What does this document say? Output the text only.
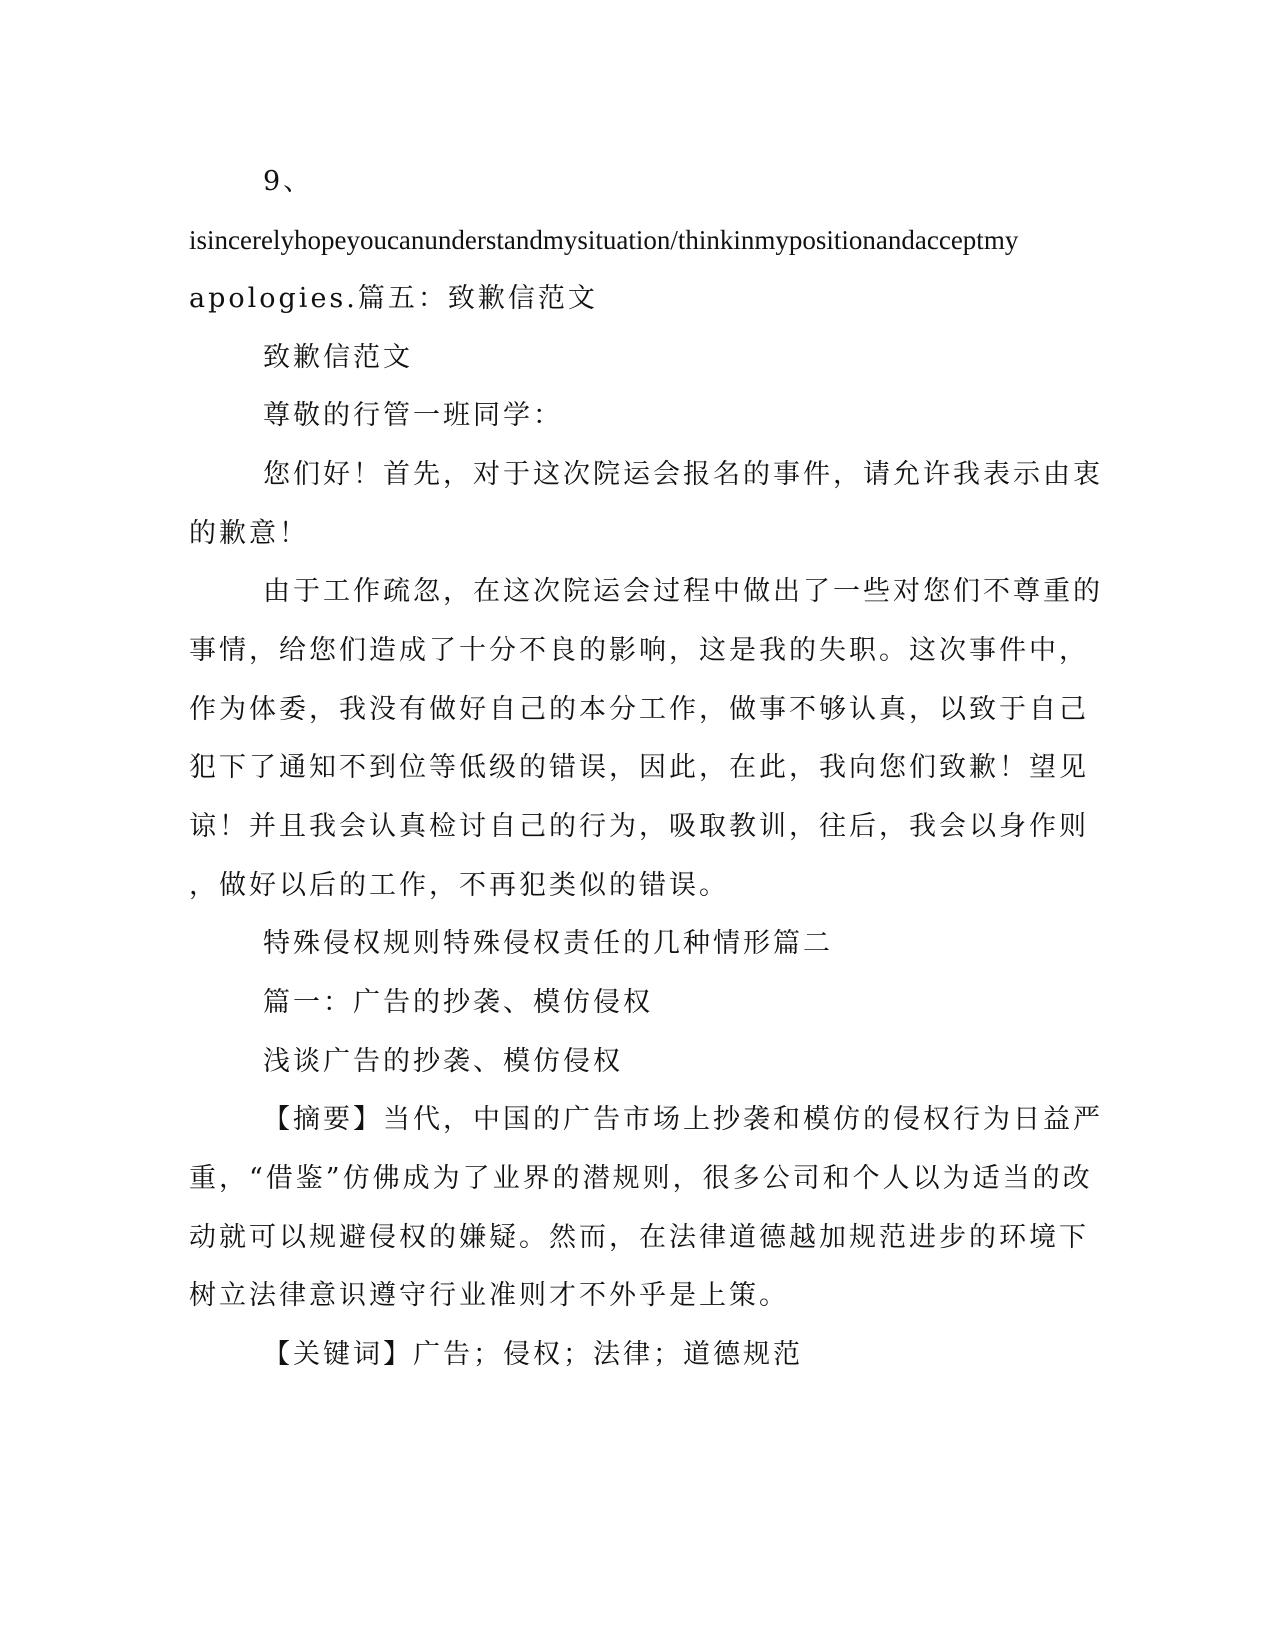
9、
isincerelyhopeyoucanunderstandmysituation/thinkinmypositionandacceptmy
apologies.篇五：致歉信范文
致歉信范文
尊敬的行管一班同学：
您们好！首先，对于这次院运会报名的事件，请允许我表示由衷
的歉意！
由于工作疏忽，在这次院运会过程中做出了一些对您们不尊重的
事情，给您们造成了十分不良的影响，这是我的失职。这次事件中，
作为体委，我没有做好自己的本分工作，做事不够认真，以致于自己
犯下了通知不到位等低级的错误，因此，在此，我向您们致歉！望见
谅！并且我会认真检讨自己的行为，吸取教训，往后，我会以身作则
，做好以后的工作，不再犯类似的错误。
特殊侵权规则特殊侵权责任的几种情形篇二
篇一：广告的抄袭、模仿侵权
浅谈广告的抄袭、模仿侵权
【摘要】当代，中国的广告市场上抄袭和模仿的侵权行为日益严
重，“借鉴”仿佛成为了业界的潜规则，很多公司和个人以为适当的改
动就可以规避侵权的嫌疑。然而，在法律道德越加规范进步的环境下
树立法律意识遵守行业准则才不外乎是上策。
【关键词】广告；侵权；法律；道德规范
